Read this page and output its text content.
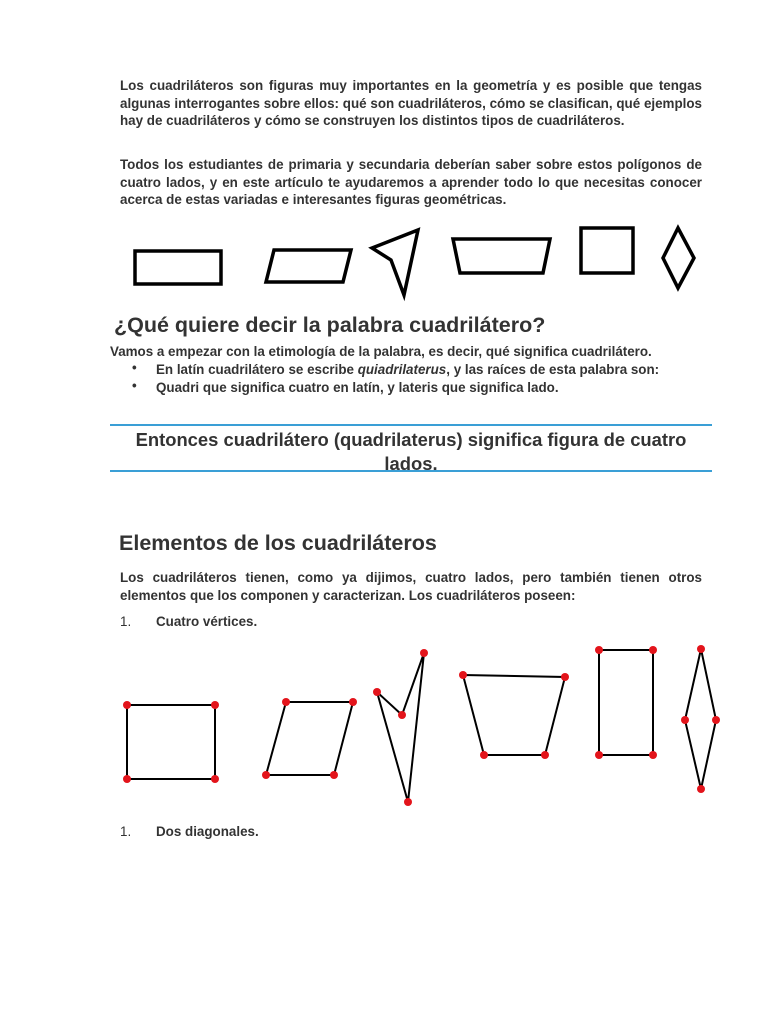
Los cuadriláteros son figuras muy importantes en la geometría y es posible que tengas algunas interrogantes sobre ellos: qué son cuadriláteros, cómo se clasifican, qué ejemplos hay de cuadriláteros y cómo se construyen los distintos tipos de cuadriláteros.

Todos los estudiantes de primaria y secundaria deberían saber sobre estos polígonos de cuatro lados, y en este artículo te ayudaremos a aprender todo lo que necesitas conocer acerca de estas variadas e interesantes figuras geométricas.

¿Qué quiere decir la palabra cuadrilátero?

Vamos a empezar con la etimología de la palabra, es decir, qué significa cuadrilátero.

• En latín cuadrilátero se escribe quiadrilaterus, y las raíces de esta palabra son:

• Quadri que significa cuatro en latín, y lateris que significa lado.

Entonces cuadrilátero (quadrilaterus) significa figura de cuatro
lados.
Elementos de los cuadriláteros

Los cuadriláteros tienen, como ya dijimos, cuatro lados, pero también tienen otros elementos que los componen y caracterizan. Los cuadriláteros poseen:

1. Cuatro vértices.
1. Dos diagonales.
